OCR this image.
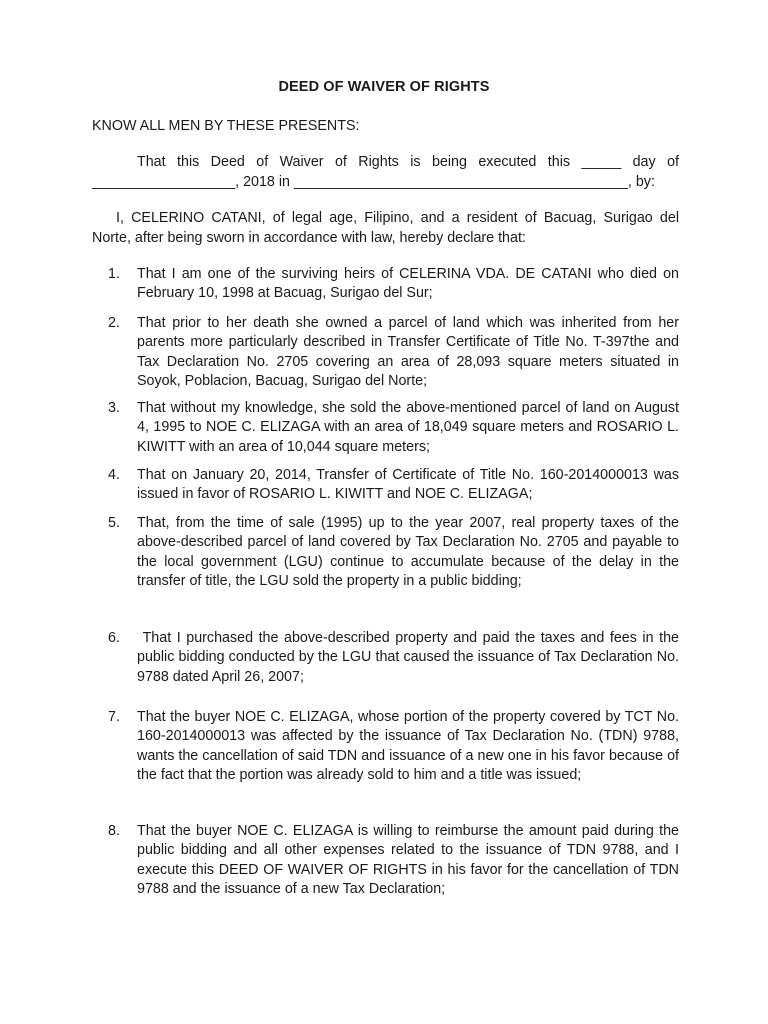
DEED OF WAIVER OF RIGHTS
KNOW ALL MEN BY THESE PRESENTS:

That this Deed of Waiver of Rights is being executed this _____ day of __________________, 2018 in __________________________________________, by:

I, CELERINO CATANI, of legal age, Filipino, and a resident of Bacuag, Surigao del Norte, after being sworn in accordance with law, hereby declare that:

1.	That I am one of the surviving heirs of CELERINA VDA. DE CATANI who died on February 10, 1998 at Bacuag, Surigao del Sur;
2.	That prior to her death she owned a parcel of land which was inherited from her parents more particularly described in Transfer Certificate of Title No. T-397the and Tax Declaration No. 2705 covering an area of 28,093 square meters situated in Soyok, Poblacion, Bacuag, Surigao del Norte;
3.	That without my knowledge, she sold the above-mentioned parcel of land on August 4, 1995 to NOE C. ELIZAGA with an area of 18,049 square meters and ROSARIO L. KIWITT with an area of 10,044 square meters;
4.	That on January 20, 2014, Transfer of Certificate of Title No. 160-2014000013 was issued in favor of ROSARIO L. KIWITT and NOE C. ELIZAGA;
5.	That, from the time of sale (1995) up to the year 2007, real property taxes of the above-described parcel of land covered by Tax Declaration No. 2705 and payable to the local government (LGU) continue to accumulate because of the delay in the transfer of title, the LGU sold the property in a public bidding;
6.	That I purchased the above-described property and paid the taxes and fees in the public bidding conducted by the LGU that caused the issuance of Tax Declaration No. 9788 dated April 26, 2007;
7.	That the buyer NOE C. ELIZAGA, whose portion of the property covered by TCT No. 160-2014000013 was affected by the issuance of Tax Declaration No. (TDN) 9788, wants the cancellation of said TDN and issuance of a new one in his favor because of the fact that the portion was already sold to him and a title was issued;
8.	That the buyer NOE C. ELIZAGA is willing to reimburse the amount paid during the public bidding and all other expenses related to the issuance of TDN 9788, and I execute this DEED OF WAIVER OF RIGHTS in his favor for the cancellation of TDN 9788 and the issuance of a new Tax Declaration;
